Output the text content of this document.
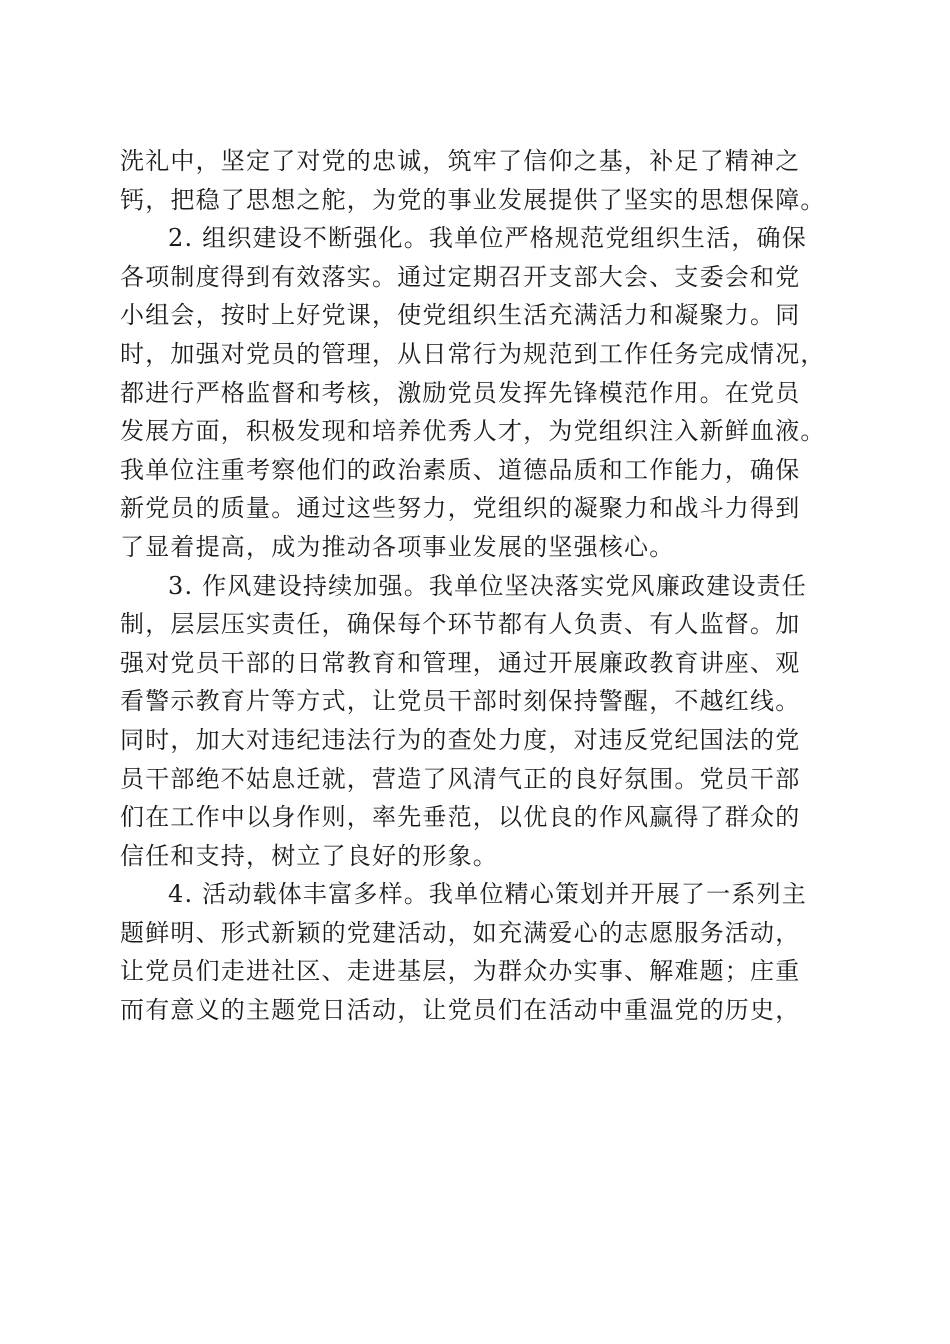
洗礼中，坚定了对党的忠诚，筑牢了信仰之基，补足了精神之
钙，把稳了思想之舵，为党的事业发展提供了坚实的思想保障。
2. 组织建设不断强化。我单位严格规范党组织生活，确保
各项制度得到有效落实。通过定期召开支部大会、支委会和党
小组会，按时上好党课，使党组织生活充满活力和凝聚力。同
时，加强对党员的管理，从日常行为规范到工作任务完成情况，
都进行严格监督和考核，激励党员发挥先锋模范作用。在党员
发展方面，积极发现和培养优秀人才，为党组织注入新鲜血液。
我单位注重考察他们的政治素质、道德品质和工作能力，确保
新党员的质量。通过这些努力，党组织的凝聚力和战斗力得到
了显着提高，成为推动各项事业发展的坚强核心。
3. 作风建设持续加强。我单位坚决落实党风廉政建设责任
制，层层压实责任，确保每个环节都有人负责、有人监督。加
强对党员干部的日常教育和管理，通过开展廉政教育讲座、观
看警示教育片等方式，让党员干部时刻保持警醒，不越红线。
同时，加大对违纪违法行为的查处力度，对违反党纪国法的党
员干部绝不姑息迁就，营造了风清气正的良好氛围。党员干部
们在工作中以身作则，率先垂范，以优良的作风赢得了群众的
信任和支持，树立了良好的形象。
4. 活动载体丰富多样。我单位精心策划并开展了一系列主
题鲜明、形式新颖的党建活动，如充满爱心的志愿服务活动，
让党员们走进社区、走进基层，为群众办实事、解难题；庄重
而有意义的主题党日活动，让党员们在活动中重温党的历史，
